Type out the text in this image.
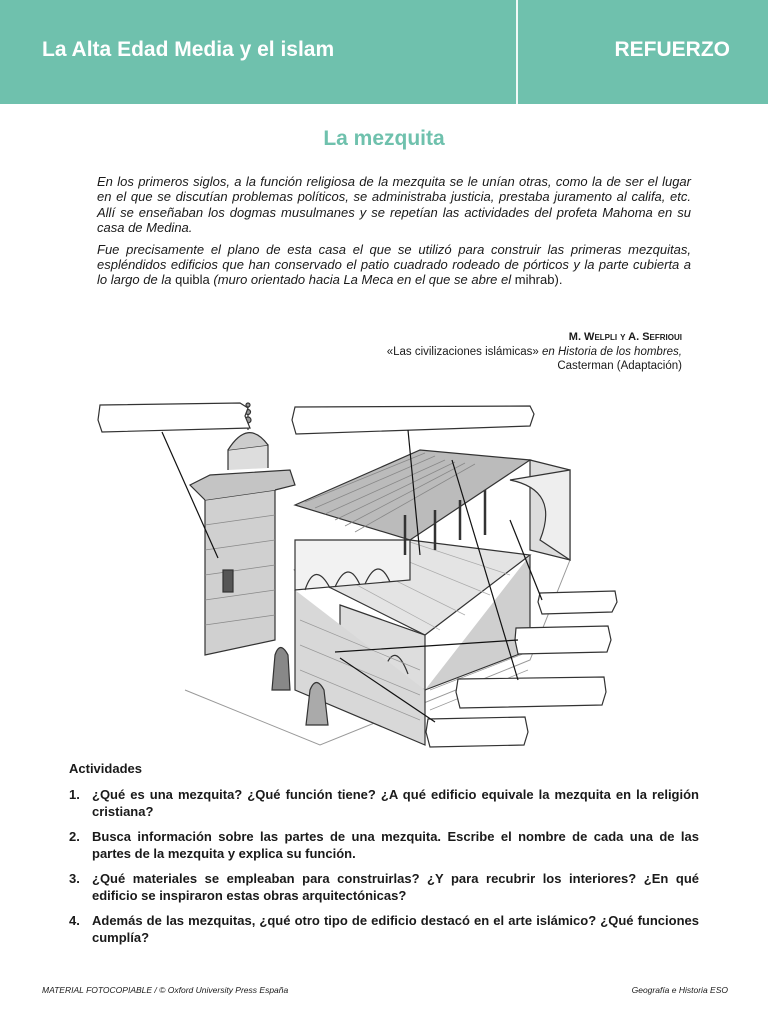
La Alta Edad Media y el islam	REFUERZO
La mezquita

En los primeros siglos, a la función religiosa de la mezquita se le unían otras, como la de ser el lugar en el que se discutían problemas políticos, se administraba justicia, prestaba juramento al califa, etc. Allí se enseñaban los dogmas musulmanes y se repetían las actividades del profeta Mahoma en su casa de Medina.

Fue precisamente el plano de esta casa el que se utilizó para construir las primeras mezquitas, espléndidos edificios que han conservado el patio cuadrado rodeado de pórticos y la parte cubierta a lo largo de la quibla (muro orientado hacia La Meca en el que se abre el mihrab).

M. Welpli y A. Sefrioui
«Las civilizaciones islámicas» en Historia de los hombres,
Casterman (Adaptación)
Actividades
1. ¿Qué es una mezquita? ¿Qué función tiene? ¿A qué edificio equivale la mezquita en la religión cristiana?
2. Busca información sobre las partes de una mezquita. Escribe el nombre de cada una de las partes de la mezquita y explica su función.
3. ¿Qué materiales se empleaban para construirlas? ¿Y para recubrir los interiores? ¿En qué edificio se inspiraron estas obras arquitectónicas?
4. Además de las mezquitas, ¿qué otro tipo de edificio destacó en el arte islámico? ¿Qué funciones cumplía?
MATERIAL FOTOCOPIABLE / © Oxford University Press España	Geografía e Historia ESO
